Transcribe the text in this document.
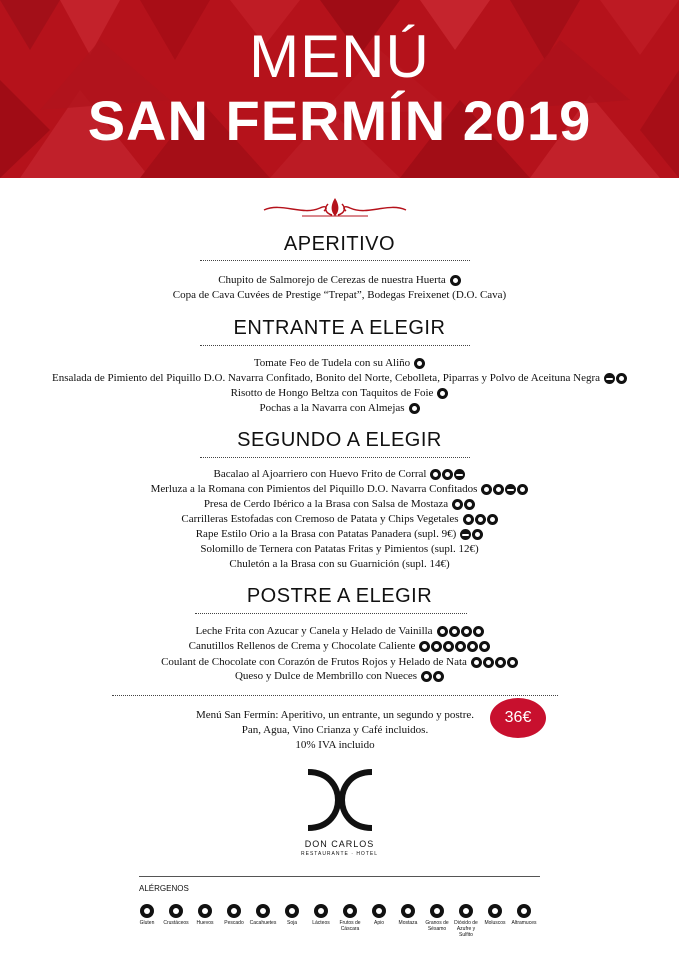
MENÚ
SAN FERMÍN 2019
APERITIVO
Chupito de Salmorejo de Cerezas de nuestra Huerta
Copa de Cava Cuvées de Prestige “Trepat”, Bodegas Freixenet (D.O. Cava)
ENTRANTE A ELEGIR
Tomate Feo de Tudela con su Aliño
Ensalada de Pimiento del Piquillo D.O. Navarra Confitado, Bonito del Norte, Cebolleta, Piparras y Polvo de Aceituna Negra
Risotto de Hongo Beltza con Taquitos de Foie
Pochas a la Navarra con Almejas
SEGUNDO A ELEGIR
Bacalao al Ajoarriero con Huevo Frito de Corral
Merluza a la Romana con Pimientos del Piquillo D.O. Navarra Confitados
Presa de Cerdo Ibérico a la Brasa con Salsa de Mostaza
Carrilleras Estofadas con Cremoso de Patata y Chips Vegetales
Rape Estilo Orio a la Brasa con Patatas Panadera (supl. 9€)
Solomillo de Ternera con Patatas Fritas y Pimientos (supl. 12€)
Chuletón a la Brasa con su Guarnición (supl. 14€)
POSTRE A ELEGIR
Leche Frita con Azucar y Canela y Helado de Vainilla
Canutillos Rellenos de Crema y Chocolate Caliente
Coulant de Chocolate con Corazón de Frutos Rojos y Helado de Nata
Queso y Dulce de Membrillo con Nueces
Menú San Fermín: Aperitivo, un entrante, un segundo y postre.
Pan, Agua, Vino Crianza y Café incluidos.
10% IVA incluido
36€
DON CARLOS
RESTAURANTE · HOTEL
ALÉRGENOS
Gluten	Crustáceos	Huevos	Pescado	Cacahuetes	Soja	Lácteos	Frutos de Cáscara
Apio	Mostaza	Granos de Sésamo
Dióxido de Azufre y Sulfito
Moluscos	Altramuces
